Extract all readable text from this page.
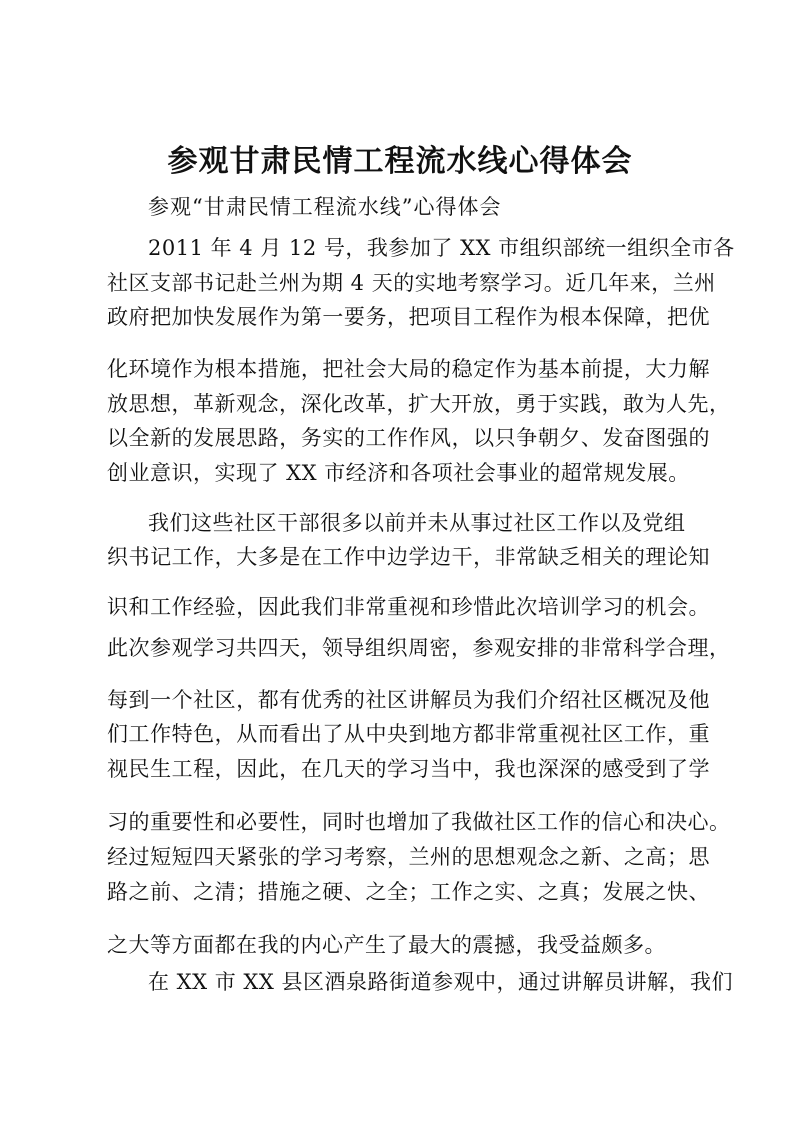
参观甘肃民情工程流水线心得体会
参观“甘肃民情工程流水线”心得体会
2011 年 4 月 12 号，我参加了 XX 市组织部统一组织全市各
社区支部书记赴兰州为期 4 天的实地考察学习。近几年来，兰州
政府把加快发展作为第一要务，把项目工程作为根本保障，把优
化环境作为根本措施，把社会大局的稳定作为基本前提，大力解
放思想，革新观念，深化改革，扩大开放，勇于实践，敢为人先，
以全新的发展思路，务实的工作作风，以只争朝夕、发奋图强的
创业意识，实现了 XX 市经济和各项社会事业的超常规发展。
我们这些社区干部很多以前并未从事过社区工作以及党组
织书记工作，大多是在工作中边学边干，非常缺乏相关的理论知
识和工作经验，因此我们非常重视和珍惜此次培训学习的机会。
此次参观学习共四天，领导组织周密，参观安排的非常科学合理，
每到一个社区，都有优秀的社区讲解员为我们介绍社区概况及他
们工作特色，从而看出了从中央到地方都非常重视社区工作，重
视民生工程，因此，在几天的学习当中，我也深深的感受到了学
习的重要性和必要性，同时也增加了我做社区工作的信心和决心。
经过短短四天紧张的学习考察，兰州的思想观念之新、之高；思
路之前、之清；措施之硬、之全；工作之实、之真；发展之快、
之大等方面都在我的内心产生了最大的震撼，我受益颇多。
在 XX 市 XX 县区酒泉路街道参观中，通过讲解员讲解，我们
